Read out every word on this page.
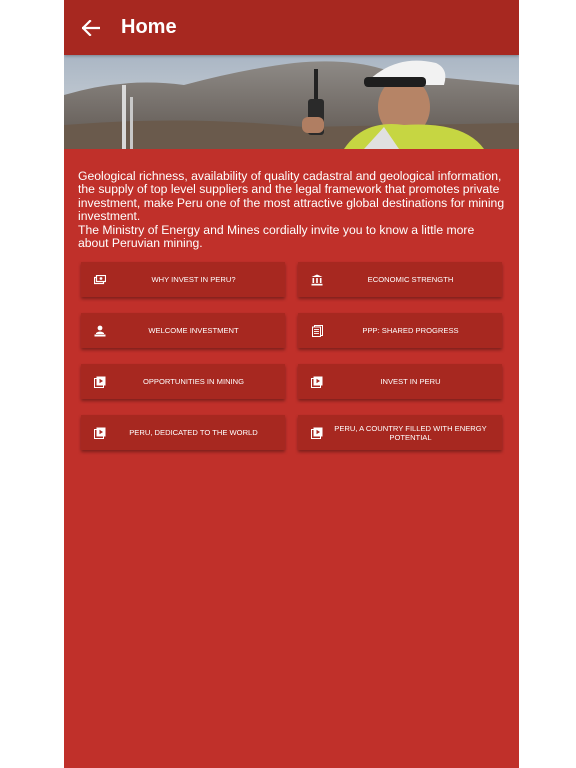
Home

Geological richness, availability of quality cadastral and geological information, the supply of top level suppliers and the legal framework that promotes private investment, make Peru one of the most attractive global destinations for mining investment.

The Ministry of Energy and Mines cordially invite you to know a little more about Peruvian mining.

WHY INVEST IN PERU?	ECONOMIC STRENGTH
WELCOME INVESTMENT	PPP: SHARED PROGRESS
OPPORTUNITIES IN MINING	INVEST IN PERU
PERU, DEDICATED TO THE WORLD	PERU, A COUNTRY FILLED WITH ENERGY POTENTIAL
